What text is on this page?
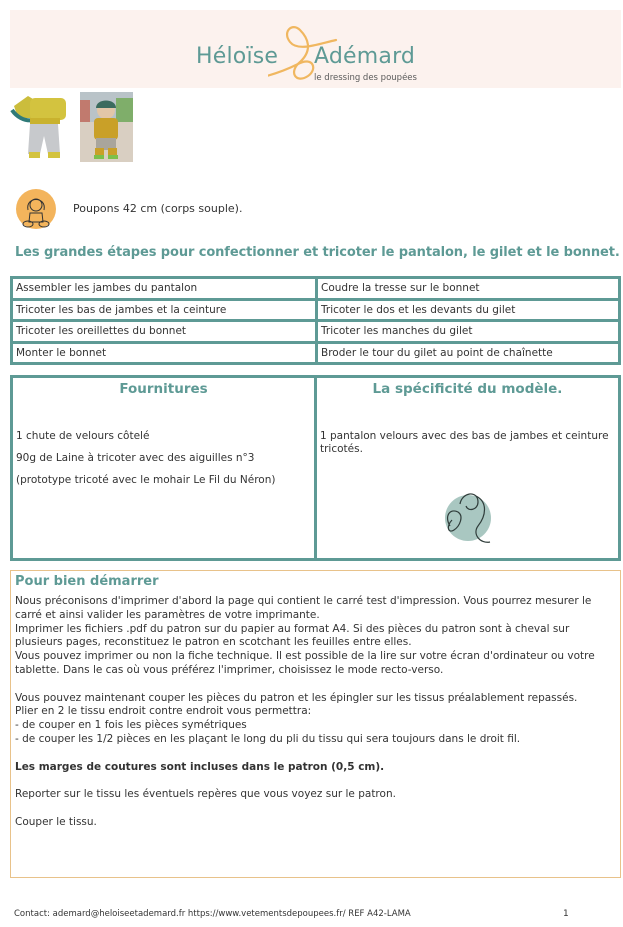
Héloïse Adémard
le dressing des poupées
Poupons 42 cm (corps souple).
Les grandes étapes pour confectionner et tricoter le pantalon, le gilet et le bonnet.
Assembler les jambes du pantalon	Coudre la tresse sur le bonnet
Tricoter les bas de jambes et la ceinture	Tricoter le dos et les devants du gilet
Tricoter les oreillettes du bonnet	Tricoter les manches du gilet
Monter le bonnet	Broder le tour du gilet au point de chaînette
Fournitures

1 chute de velours côtelé

90g de Laine à tricoter avec des aiguilles n°3

(prototype tricoté avec le mohair Le Fil du Néron)

La spécificité du modèle.

1 pantalon velours avec des bas de jambes et ceinture tricotés.

Pour bien démarrer
Nous préconisons d'imprimer d'abord la page qui contient le carré test d'impression. Vous pourrez mesurer le carré et ainsi valider les paramètres de votre imprimante.
Imprimer les fichiers .pdf du patron sur du papier au format A4. Si des pièces du patron sont à cheval sur plusieurs pages, reconstituez le patron en scotchant les feuilles entre elles.
Vous pouvez imprimer ou non la fiche technique. Il est possible de la lire sur votre écran d'ordinateur ou votre tablette. Dans le cas où vous préférez l'imprimer, choisissez le mode recto-verso.
Vous pouvez maintenant couper les pièces du patron et les épingler sur les tissus préalablement repassés.
Plier en 2 le tissu endroit contre endroit vous permettra:
- de couper en 1 fois les pièces symétriques
- de couper les 1/2 pièces en les plaçant le long du pli du tissu qui sera toujours dans le droit fil.
Les marges de coutures sont incluses dans le patron (0,5 cm).
Reporter sur le tissu les éventuels repères que vous voyez sur le patron.
Couper le tissu.
Contact: ademard@heloiseetademard.fr https://www.vetementsdepoupees.fr/ REF A42-LAMA	1
